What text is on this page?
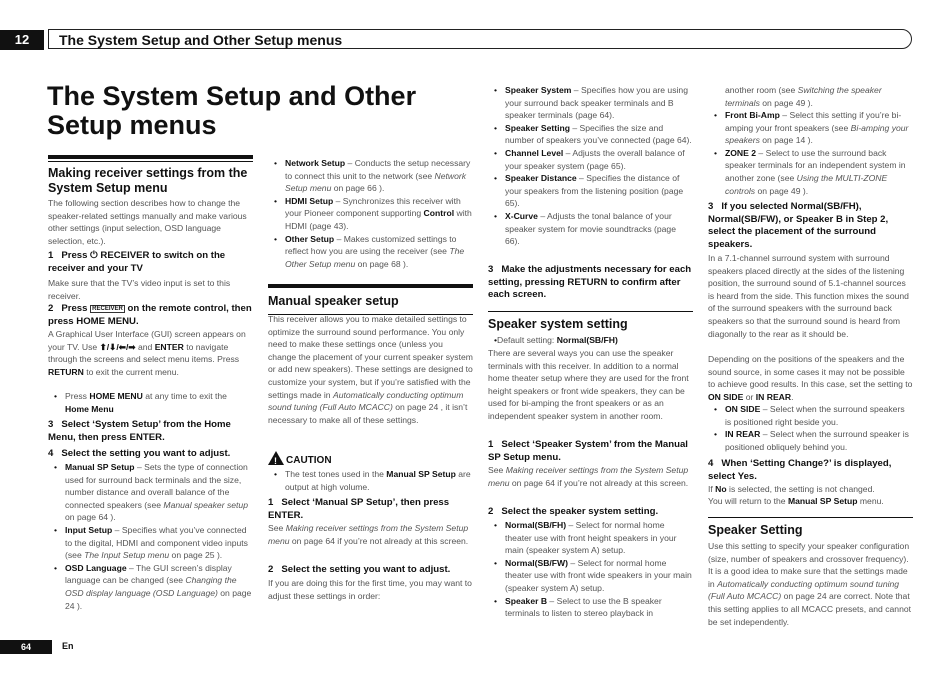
12	The System Setup and Other Setup menus
The System Setup and Other Setup menus

Making receiver settings from the System Setup menu

The following section describes how to change the speaker-related settings manually and make various other settings (input selection, OSD language selection, etc.).

1 Press ⏻ RECEIVER to switch on the receiver and your TV

Make sure that the TV’s video input is set to this receiver.

2 Press RECEIVER on the remote control, then press HOME MENU.

A Graphical User Interface (GUI) screen appears on your TV. Use ⬆/⬇/⬅/➡ and ENTER to navigate through the screens and select menu items. Press RETURN to exit the current menu.

• Press HOME MENU at any time to exit the Home Menu

3 Select ‘System Setup’ from the Home Menu, then press ENTER.

4 Select the setting you want to adjust.

• Manual SP Setup – Sets the type of connection used for surround back terminals and the size, number distance and overall balance of the connected speakers (see Manual speaker setup on page 64 ).
• Input Setup – Specifies what you’ve connected to the digital, HDMI and component video inputs (see The Input Setup menu on page 25 ).
• OSD Language – The GUI screen’s display language can be changed (see Changing the OSD display language (OSD Language) on page 24 ).
• Network Setup – Conducts the setup necessary to connect this unit to the network (see Network Setup menu on page 66 ).
• HDMI Setup – Synchronizes this receiver with your Pioneer component supporting Control with HDMI (page 43).
• Other Setup – Makes customized settings to reflect how you are using the receiver (see The Other Setup menu on page 68 ).

Manual speaker setup

This receiver allows you to make detailed settings to optimize the surround sound performance. You only need to make these settings once (unless you change the placement of your current speaker system or add new speakers). These settings are designed to customize your system, but if you’re satisfied with the settings made in Automatically conducting optimum sound tuning (Full Auto MCACC) on page 24 , it isn’t necessary to make all of these settings.

! CAUTION
• The test tones used in the Manual SP Setup are output at high volume.

1 Select ‘Manual SP Setup’, then press ENTER.

See Making receiver settings from the System Setup menu on page 64 if you’re not already at this screen.

2 Select the setting you want to adjust.

If you are doing this for the first time, you may want to adjust these settings in order:

• Speaker System – Specifies how you are using your surround back speaker terminals and B speaker terminals (page 64).
• Speaker Setting – Specifies the size and number of speakers you’ve connected (page 64).
• Channel Level – Adjusts the overall balance of your speaker system (page 65).
• Speaker Distance – Specifies the distance of your speakers from the listening position (page 65).
• X-Curve – Adjusts the tonal balance of your speaker system for movie soundtracks (page 66).

3 Make the adjustments necessary for each setting, pressing RETURN to confirm after each screen.

Speaker system setting

• Default setting: Normal(SB/FH)

There are several ways you can use the speaker terminals with this receiver. In addition to a normal home theater setup where they are used for the front height speakers or front wide speakers, they can be used for bi-amping the front speakers or as an independent speaker system in another room.

1 Select ‘Speaker System’ from the Manual SP Setup menu.

See Making receiver settings from the System Setup menu on page 64 if you’re not already at this screen.

2 Select the speaker system setting.

• Normal(SB/FH) – Select for normal home theater use with front height speakers in your main (speaker system A) setup.
• Normal(SB/FW) – Select for normal home theater use with front wide speakers in your main (speaker system A) setup.
• Speaker B – Select to use the B speaker terminals to listen to stereo playback in

another room (see Switching the speaker terminals on page 49 ).

• Front Bi-Amp – Select this setting if you’re bi-amping your front speakers (see Bi-amping your speakers on page 14 ).
• ZONE 2 – Select to use the surround back speaker terminals for an independent system in another zone (see Using the MULTI-ZONE controls on page 49 ).

3 If you selected Normal(SB/FH), Normal(SB/FW), or Speaker B in Step 2, select the placement of the surround speakers.

In a 7.1-channel surround system with surround speakers placed directly at the sides of the listening position, the surround sound of 5.1-channel sources is heard from the side. This function mixes the sound of the surround speakers with the surround back speakers so that the surround sound is heard from diagonally to the rear as it should be.

Depending on the positions of the speakers and the sound source, in some cases it may not be possible to achieve good results. In this case, set the setting to ON SIDE or IN REAR.

• ON SIDE – Select when the surround speakers is positioned right beside you.
• IN REAR – Select when the surround speaker is positioned obliquely behind you.

4 When ‘Setting Change?’ is displayed, select Yes.

If No is selected, the setting is not changed.

You will return to the Manual SP Setup menu.

Speaker Setting

Use this setting to specify your speaker configuration (size, number of speakers and crossover frequency). It is a good idea to make sure that the settings made in Automatically conducting optimum sound tuning (Full Auto MCACC) on page 24 are correct. Note that this setting applies to all MCACC presets, and cannot be set independently.

64	En
